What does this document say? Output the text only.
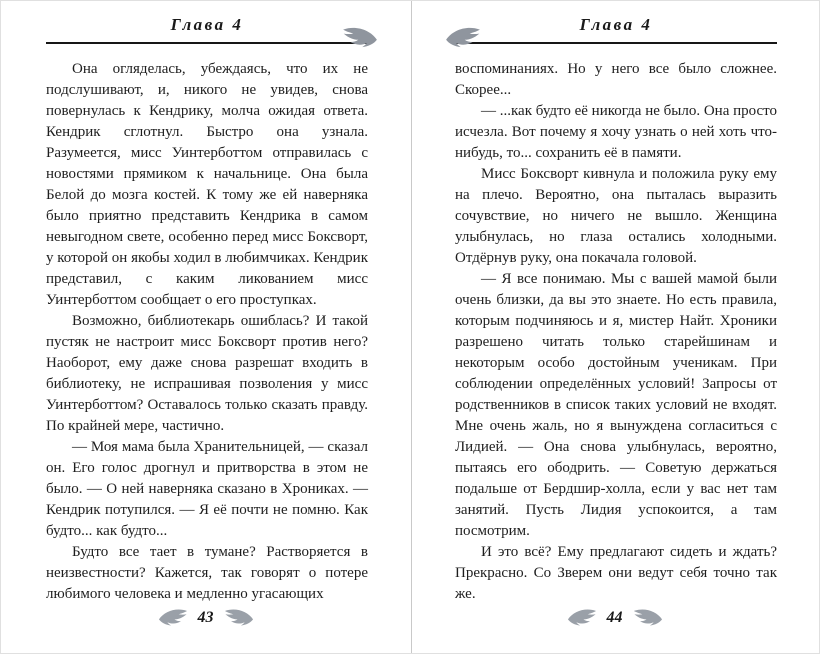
Глава 4

Она огляделась, убеждаясь, что их не подслушивают, и, никого не увидев, снова повернулась к Кендрику, молча ожидая ответа. Кендрик сглотнул. Быстро она узнала. Разумеется, мисс Уинтерботтом отправилась с новостями прямиком к начальнице. Она была Белой до мозга костей. К тому же ей наверняка было приятно представить Кендрика в самом невыгодном свете, особенно перед мисс Боксворт, у которой он якобы ходил в любимчиках. Кендрик представил, с каким ликованием мисс Уинтерботтом сообщает о его проступках.

Возможно, библиотекарь ошиблась? И такой пустяк не настроит мисс Боксворт против него? Наоборот, ему даже снова разрешат входить в библиотеку, не испрашивая позволения у мисс Уинтерботтом? Оставалось только сказать правду. По крайней мере, частично.

— Моя мама была Хранительницей, — сказал он. Его голос дрогнул и притворства в этом не было. — О ней наверняка сказано в Хрониках. — Кендрик потупился. — Я её почти не помню. Как будто... как будто...

Будто все тает в тумане? Растворяется в неизвестности? Кажется, так говорят о потере любимого человека и медленно угасающих

43
Глава 4

воспоминаниях. Но у него все было сложнее. Скорее...

— ...как будто её никогда не было. Она просто исчезла. Вот почему я хочу узнать о ней хоть что-нибудь, то... сохранить её в памяти.

Мисс Боксворт кивнула и положила руку ему на плечо. Вероятно, она пыталась выразить сочувствие, но ничего не вышло. Женщина улыбнулась, но глаза остались холодными. Отдёрнув руку, она покачала головой.

— Я все понимаю. Мы с вашей мамой были очень близки, да вы это знаете. Но есть правила, которым подчиняюсь и я, мистер Найт. Хроники разрешено читать только старейшинам и некоторым особо достойным ученикам. При соблюдении определённых условий! Запросы от родственников в список таких условий не входят. Мне очень жаль, но я вынуждена согласиться с Лидией. — Она снова улыбнулась, вероятно, пытаясь его ободрить. — Советую держаться подальше от Бердшир-холла, если у вас нет там занятий. Пусть Лидия успокоится, а там посмотрим.

И это всё? Ему предлагают сидеть и ждать? Прекрасно. Со Зверем они ведут себя точно так же.

44
